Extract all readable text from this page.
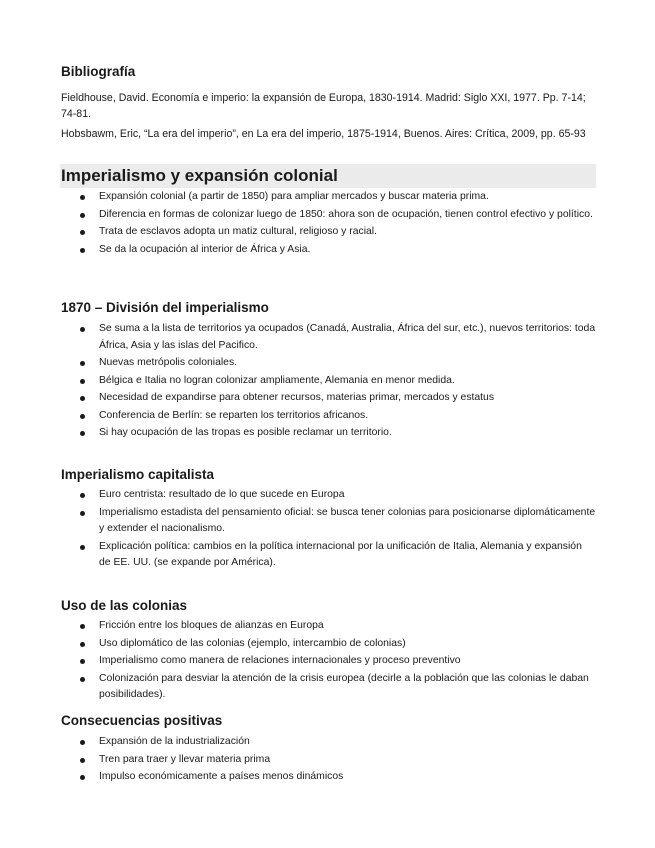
Bibliografía

Fieldhouse, David. Economía e imperio: la expansión de Europa, 1830-1914. Madrid: Siglo XXI, 1977. Pp. 7-14; 74-81.

Hobsbawm, Eric, “La era del imperio”, en La era del imperio, 1875-1914, Buenos. Aires: Crítica, 2009, pp. 65-93

Imperialismo y expansión colonial
Expansión colonial (a partir de 1850) para ampliar mercados y buscar materia prima.
Diferencia en formas de colonizar luego de 1850: ahora son de ocupación, tienen control efectivo y político.
Trata de esclavos adopta un matiz cultural, religioso y racial.
Se da la ocupación al interior de África y Asia.
1870 – División del imperialismo
Se suma a la lista de territorios ya ocupados (Canadá, Australia, África del sur, etc.), nuevos territorios: toda África, Asia y las islas del Pacifico.
Nuevas metrópolis coloniales.
Bélgica e Italia no logran colonizar ampliamente, Alemania en menor medida.
Necesidad de expandirse para obtener recursos, materias primar, mercados y estatus
Conferencia de Berlín: se reparten los territorios africanos.
Si hay ocupación de las tropas es posible reclamar un territorio.
Imperialismo capitalista
Euro centrista: resultado de lo que sucede en Europa
Imperialismo estadista del pensamiento oficial: se busca tener colonias para posicionarse diplomáticamente y extender el nacionalismo.
Explicación política: cambios en la política internacional por la unificación de Italia, Alemania y expansión de EE. UU. (se expande por América).
Uso de las colonias
Fricción entre los bloques de alianzas en Europa
Uso diplomático de las colonias (ejemplo, intercambio de colonias)
Imperialismo como manera de relaciones internacionales y proceso preventivo
Colonización para desviar la atención de la crisis europea (decirle a la población que las colonias le daban posibilidades).
Consecuencias positivas
Expansión de la industrialización
Tren para traer y llevar materia prima
Impulso económicamente a países menos dinámicos
